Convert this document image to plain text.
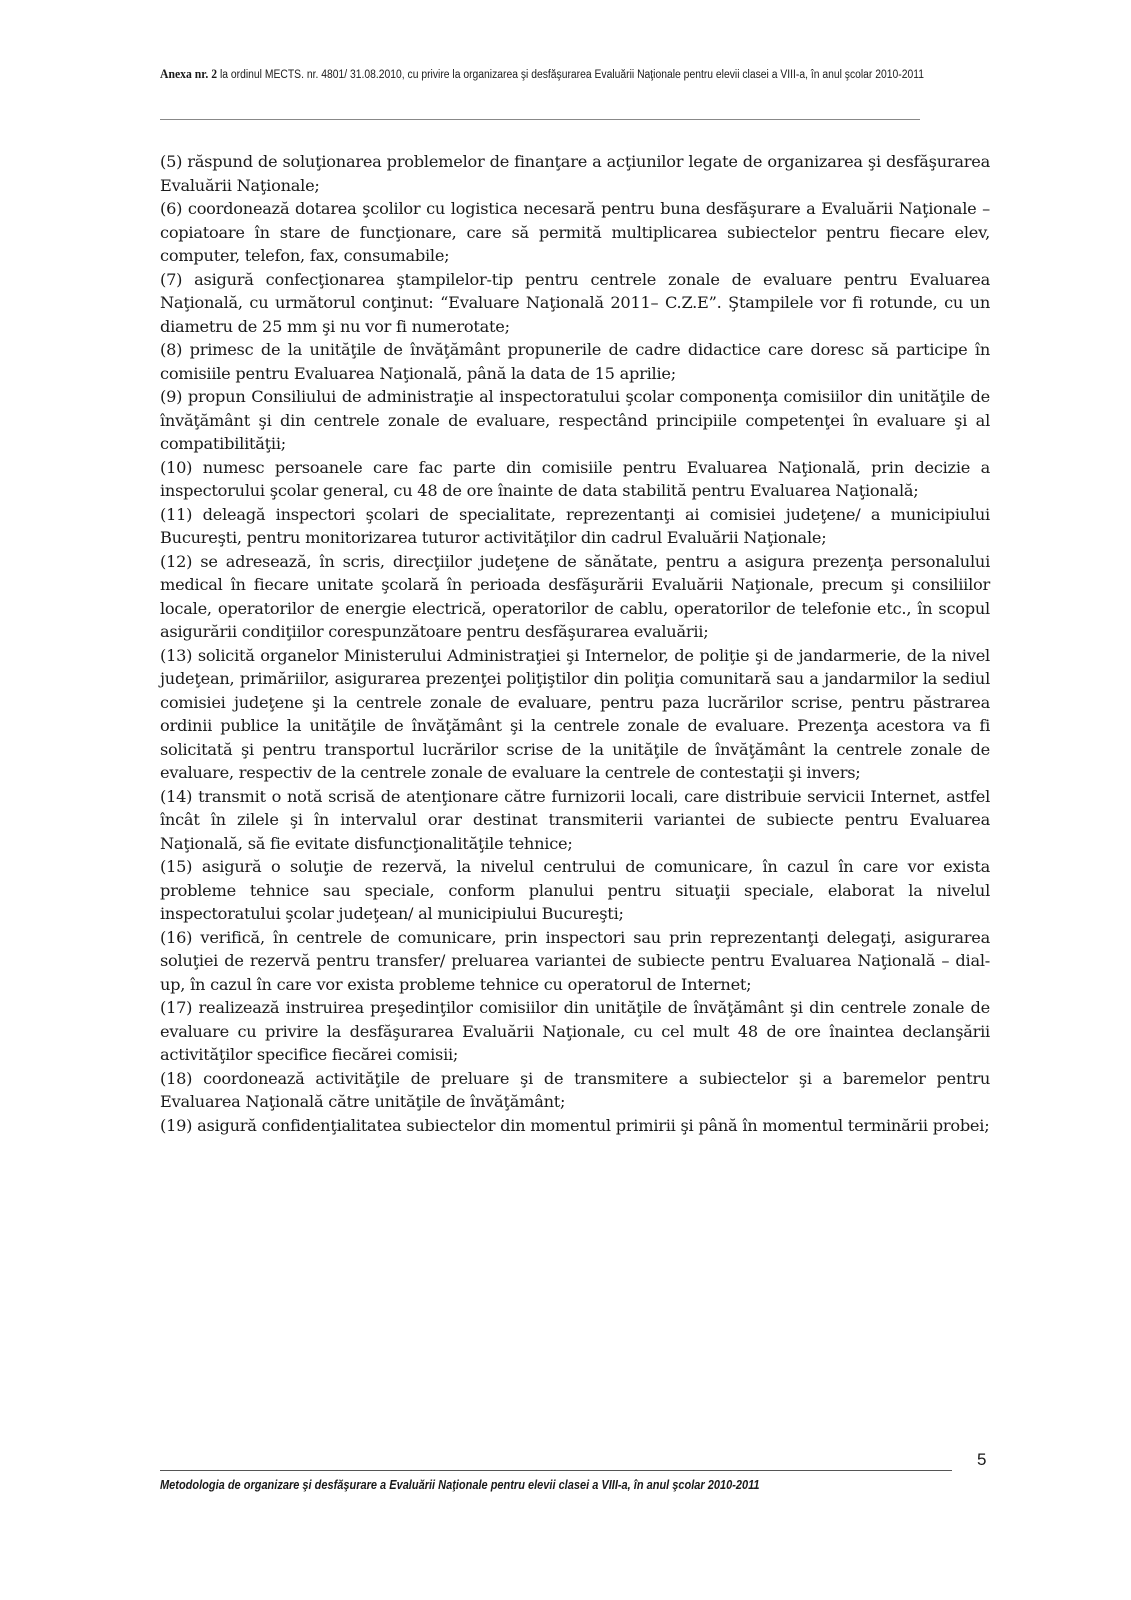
Anexa nr. 2 la ordinul MECTS. nr. 4801/ 31.08.2010, cu privire la organizarea şi desfăşurarea Evaluării Naţionale pentru elevii clasei a VIII-a, în anul şcolar 2010-2011

(5) răspund de soluţionarea problemelor de finanţare a acţiunilor legate de organizarea şi desfăşurarea Evaluării Naţionale;

(6) coordonează dotarea şcolilor cu logistica necesară pentru buna desfăşurare a Evaluării Naţionale – copiatoare în stare de funcţionare, care să permită multiplicarea subiectelor pentru fiecare elev, computer, telefon, fax, consumabile;

(7) asigură confecţionarea ştampilelor-tip pentru centrele zonale de evaluare pentru Evaluarea Naţională, cu următorul conţinut: “Evaluare Naţională 2011– C.Z.E”. Ştampilele vor fi rotunde, cu un diametru de 25 mm şi nu vor fi numerotate;

(8) primesc de la unităţile de învăţământ propunerile de cadre didactice care doresc să participe în comisiile pentru Evaluarea Naţională, până la data de 15 aprilie;

(9) propun Consiliului de administraţie al inspectoratului şcolar componenţa comisiilor din unităţile de învăţământ şi din centrele zonale de evaluare, respectând principiile competenţei în evaluare şi al compatibilităţii;

(10) numesc persoanele care fac parte din comisiile pentru Evaluarea Naţională, prin decizie a inspectorului şcolar general, cu 48 de ore înainte de data stabilită pentru Evaluarea Naţională;

(11) deleagă inspectori şcolari de specialitate, reprezentanţi ai comisiei judeţene/ a municipiului Bucureşti, pentru monitorizarea tuturor activităţilor din cadrul Evaluării Naţionale;

(12) se adresează, în scris, direcţiilor judeţene de sănătate, pentru a asigura prezenţa personalului medical în fiecare unitate şcolară în perioada desfăşurării Evaluării Naţionale, precum şi consiliilor locale, operatorilor de energie electrică, operatorilor de cablu, operatorilor de telefonie etc., în scopul asigurării condiţiilor corespunzătoare pentru desfăşurarea evaluării;

(13) solicită organelor Ministerului Administraţiei şi Internelor, de poliţie şi de jandarmerie, de la nivel judeţean, primăriilor, asigurarea prezenţei poliţiştilor din poliţia comunitară sau a jandarmilor la sediul comisiei judeţene şi la centrele zonale de evaluare, pentru paza lucrărilor scrise, pentru păstrarea ordinii publice la unităţile de învăţământ şi la centrele zonale de evaluare. Prezenţa acestora va fi solicitată şi pentru transportul lucrărilor scrise de la unităţile de învăţământ la centrele zonale de evaluare, respectiv de la centrele zonale de evaluare la centrele de contestaţii şi invers;

(14) transmit o notă scrisă de atenţionare către furnizorii locali, care distribuie servicii Internet, astfel încât în zilele şi în intervalul orar destinat transmiterii variantei de subiecte pentru Evaluarea Naţională, să fie evitate disfuncţionalităţile tehnice;

(15) asigură o soluţie de rezervă, la nivelul centrului de comunicare, în cazul în care vor exista probleme tehnice sau speciale, conform planului pentru situaţii speciale, elaborat la nivelul inspectoratului şcolar judeţean/ al municipiului Bucureşti;

(16) verifică, în centrele de comunicare, prin inspectori sau prin reprezentanţi delegaţi, asigurarea soluţiei de rezervă pentru transfer/ preluarea variantei de subiecte pentru Evaluarea Naţională – dial-up, în cazul în care vor exista probleme tehnice cu operatorul de Internet;

(17) realizează instruirea preşedinţilor comisiilor din unităţile de învăţământ şi din centrele zonale de evaluare cu privire la desfăşurarea Evaluării Naţionale, cu cel mult 48 de ore înaintea declanşării activităţilor specifice fiecărei comisii;

(18) coordonează activităţile de preluare şi de transmitere a subiectelor şi a baremelor pentru Evaluarea Naţională către unităţile de învăţământ;

(19) asigură confidenţialitatea subiectelor din momentul primirii şi până în momentul terminării probei;

Metodologia de organizare şi desfăşurare a Evaluării Naţionale pentru elevii clasei a VIII-a, în anul şcolar 2010-2011
5
